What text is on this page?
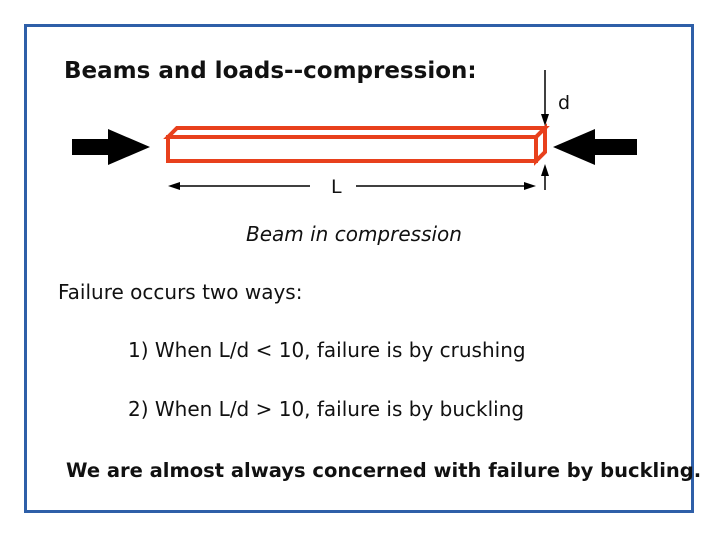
Beams and loads--compression:
d
L
Beam in compression
Failure occurs two ways:
1) When L/d < 10, failure is by crushing
2) When L/d > 10, failure is by buckling
We are almost always concerned with failure by buckling.
